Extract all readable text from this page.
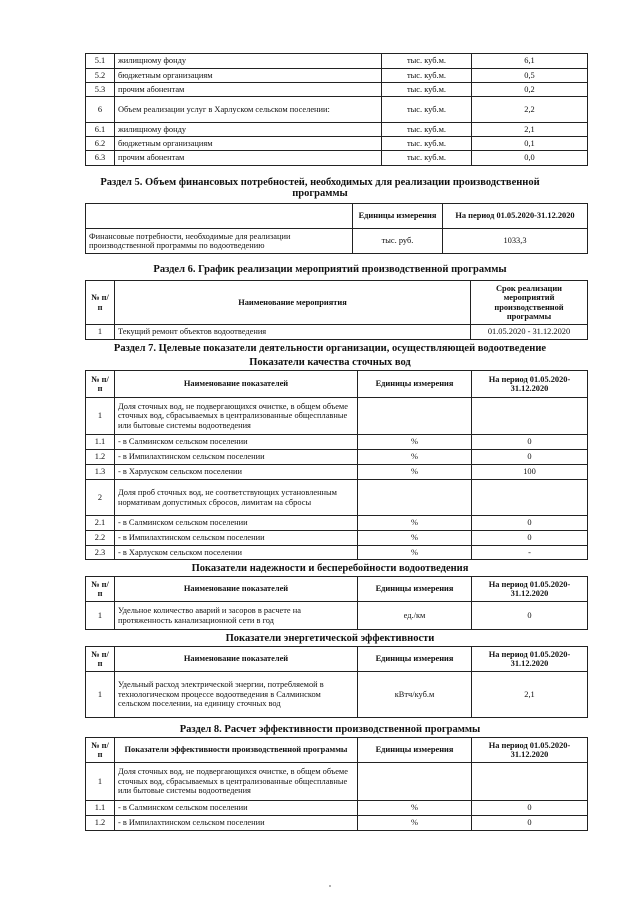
5.1	жилищному фонду	тыс. куб.м.	6,1
5.2	бюджетным организациям	тыс. куб.м.	0,5
5.3	прочим абонентам	тыс. куб.м.	0,2
6	Объем реализации услуг в Харлуском сельском поселении:	тыс. куб.м.	2,2
6.1	жилищному фонду	тыс. куб.м.	2,1
6.2	бюджетным организациям	тыс. куб.м.	0,1
6.3	прочим абонентам	тыс. куб.м.	0,0
Раздел 5. Объем финансовых потребностей, необходимых для реализации производственной программы
	Единицы измерения	На период 01.05.2020-31.12.2020
Финансовые потребности, необходимые для реализации производственной программы по водоотведению	тыс. руб.	1033,3
Раздел 6. График реализации мероприятий производственной программы
№ п/п	Наименование мероприятия	Срок реализации мероприятий производственной программы
1	Текущий ремонт объектов водоотведения	01.05.2020 - 31.12.2020
Раздел 7. Целевые показатели деятельности организации, осуществляющей водоотведение
Показатели качества сточных вод
№ п/п	Наименование показателей	Единицы измерения	На период 01.05.2020-31.12.2020
1	Доля сточных вод, не подвергающихся очистке, в общем объеме сточных вод, сбрасываемых в централизованные общесплавные или бытовые системы водоотведения		
1.1	- в Салминском сельском поселении	%	0
1.2	- в Импилахтинском сельском поселении	%	0
1.3	- в Харлуском сельском поселении	%	100
2	Доля проб сточных вод, не соответствующих установленным нормативам допустимых сбросов, лимитам на сбросы		
2.1	- в Салминском сельском поселении	%	0
2.2	- в Импилахтинском сельском поселении	%	0
2.3	- в Харлуском сельском поселении	%	-
Показатели надежности и бесперебойности водоотведения
№ п/п	Наименование показателей	Единицы измерения	На период 01.05.2020-31.12.2020
1	Удельное количество аварий и засоров в расчете на протяженность канализационной сети в год	ед./км	0
Показатели энергетической эффективности
№ п/п	Наименование показателей	Единицы измерения	На период 01.05.2020-31.12.2020
1	Удельный расход электрической энергии, потребляемой в технологическом процессе водоотведения в Салминском сельском поселении, на единицу сточных вод	кВтч/куб.м	2,1
Раздел 8. Расчет эффективности производственной программы
№ п/п	Показатели эффективности производственной программы	Единицы измерения	На период 01.05.2020-31.12.2020
1	Доля сточных вод, не подвергающихся очистке, в общем объеме сточных вод, сбрасываемых в централизованные общесплавные или бытовые системы водоотведения		
1.1	- в Салминском сельском поселении	%	0
1.2	- в Импилахтинском сельском поселении	%	0
